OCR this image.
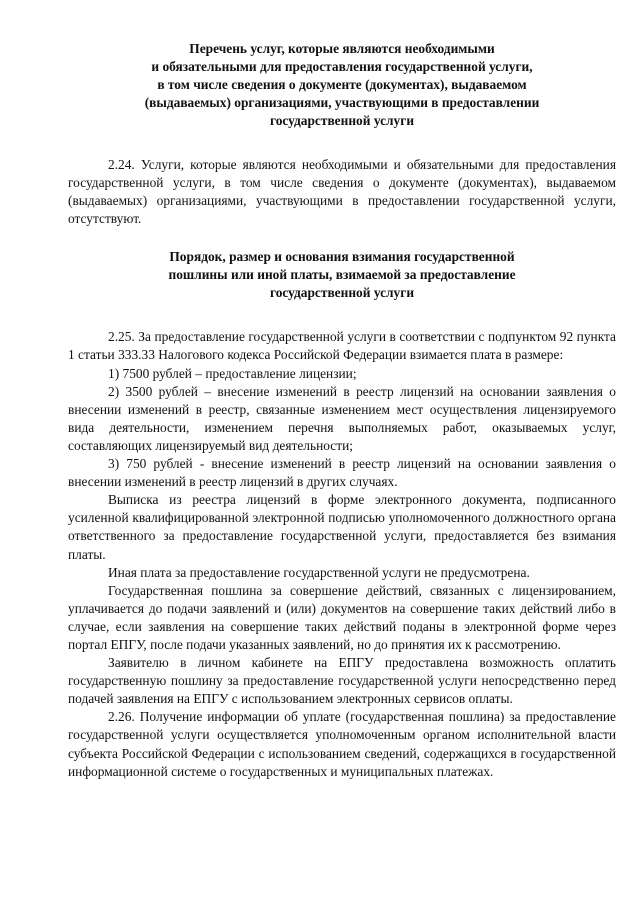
Перечень услуг, которые являются необходимыми
и обязательными для предоставления государственной услуги,
в том числе сведения о документе (документах), выдаваемом
(выдаваемых) организациями, участвующими в предоставлении
государственной услуги

2.24. Услуги, которые являются необходимыми и обязательными для предоставления государственной услуги, в том числе сведения о документе (документах), выдаваемом (выдаваемых) организациями, участвующими в предоставлении государственной услуги, отсутствуют.

Порядок, размер и основания взимания государственной
пошлины или иной платы, взимаемой за предоставление
государственной услуги

2.25. За предоставление государственной услуги в соответствии с подпунктом 92 пункта 1 статьи 333.33 Налогового кодекса Российской Федерации взимается плата в размере:

1) 7500 рублей – предоставление лицензии;

2) 3500 рублей – внесение изменений в реестр лицензий на основании заявления о внесении изменений в реестр, связанные изменением мест осуществления лицензируемого вида деятельности, изменением перечня выполняемых работ, оказываемых услуг, составляющих лицензируемый вид деятельности;

3) 750 рублей - внесение изменений в реестр лицензий на основании заявления о внесении изменений в реестр лицензий в других случаях.

Выписка из реестра лицензий в форме электронного документа, подписанного усиленной квалифицированной электронной подписью уполномоченного должностного органа ответственного за предоставление государственной услуги, предоставляется без взимания платы.

Иная плата за предоставление государственной услуги не предусмотрена.

Государственная пошлина за совершение действий, связанных с лицензированием, уплачивается до подачи заявлений и (или) документов на совершение таких действий либо в случае, если заявления на совершение таких действий поданы в электронной форме через портал ЕПГУ, после подачи указанных заявлений, но до принятия их к рассмотрению.

Заявителю в личном кабинете на ЕПГУ предоставлена возможность оплатить государственную пошлину за предоставление государственной услуги непосредственно перед подачей заявления на ЕПГУ с использованием электронных сервисов оплаты.

2.26. Получение информации об уплате (государственная пошлина) за предоставление государственной услуги осуществляется уполномоченным органом исполнительной власти субъекта Российской Федерации с использованием сведений, содержащихся в государственной информационной системе о государственных и муниципальных платежах.
